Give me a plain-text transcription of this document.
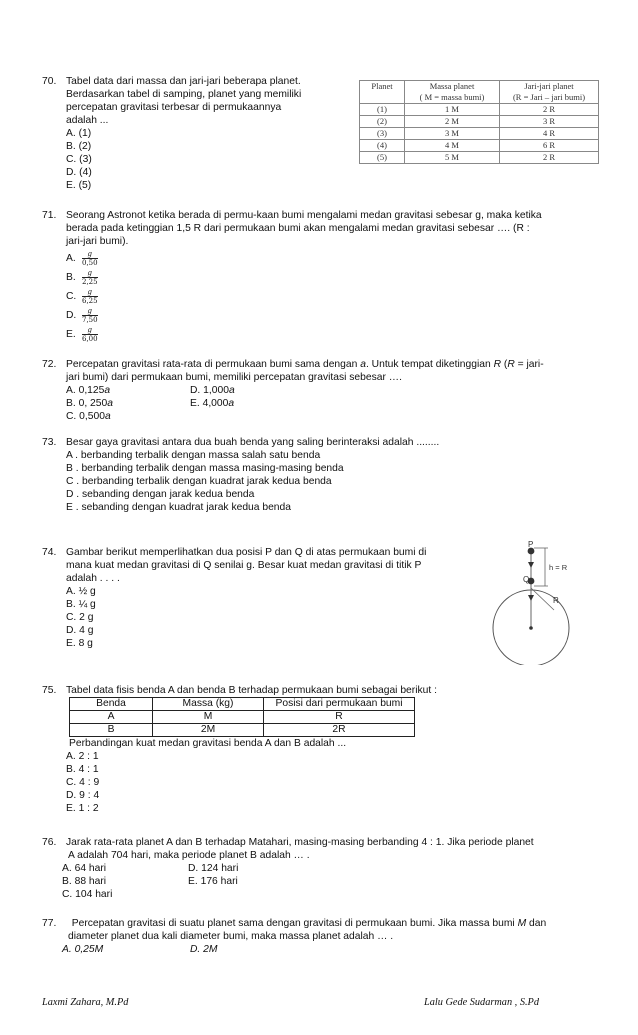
70. Tabel data dari massa dan jari-jari beberapa planet.
Berdasarkan tabel di samping, planet yang memiliki
percepatan gravitasi terbesar di permukaannya
adalah ...
A. (1)
B. (2)
C. (3)
D. (4)
E. (5)
Planet	Massa planet	Jari-jari planet
	( M = massa bumi)	(R = Jari – jari bumi)
(1)	1 M	2 R
(2)	2 M	3 R
(3)	3 M	4 R
(4)	4 M	6 R
(5)	5 M	2 R
71. Seorang Astronot ketika berada di permu-kaan bumi mengalami medan gravitasi sebesar g, maka ketika
berada pada ketinggian 1,5 R dari permukaan bumi akan mengalami medan gravitasi sebesar …. (R :
jari-jari bumi).
A. $\frac{g}{0,50}$
B. $\frac{g}{2,25}$
C. $\frac{g}{6,25}$
D. $\frac{g}{7,50}$
E. $\frac{g}{6,00}$
72. Percepatan gravitasi rata-rata di permukaan bumi sama dengan a. Untuk tempat diketinggian R (R = jari-
jari bumi) dari permukaan bumi, memiliki percepatan gravitasi sebesar ….
A. 0,125a	D. 1,000a
B. 0, 250a	E. 4,000a
C. 0,500a
73. Besar gaya gravitasi antara dua buah benda yang saling berinteraksi adalah ........
A . berbanding terbalik dengan massa salah satu benda
B . berbanding terbalik dengan massa masing-masing benda
C . berbanding terbalik dengan kuadrat jarak kedua benda
D . sebanding dengan jarak kedua benda
E . sebanding dengan kuadrat jarak kedua benda
74. Gambar berikut memperlihatkan dua posisi P dan Q di atas permukaan bumi di
mana kuat medan gravitasi di Q senilai g. Besar kuat medan gravitasi di titik P
adalah . . . .
A. ½ g
B. ¼ g
C. 2 g
D. 4 g
E. 8 g
P
Q
h = R
R
75. Tabel data fisis benda A dan benda B terhadap permukaan bumi sebagai berikut :
Benda	Massa (kg)	Posisi dari permukaan bumi
A	M	R
B	2M	2R
Perbandingan kuat medan gravitasi benda A dan B adalah ...
A. 2 : 1
B. 4 : 1
C. 4 : 9
D. 9 : 4
E. 1 : 2
76. Jarak rata-rata planet A dan B terhadap Matahari, masing-masing berbanding 4 : 1. Jika periode planet
A adalah 704 hari, maka periode planet B adalah … .
A. 64 hari	D. 124 hari
B. 88 hari	E. 176 hari
C. 104 hari
77. Percepatan gravitasi di suatu planet sama dengan gravitasi di permukaan bumi. Jika massa bumi M dan
diameter planet dua kali diameter bumi, maka massa planet adalah … .
A. 0,25M	D. 2M
Laxmi Zahara, M.Pd	Lalu Gede Sudarman , S.Pd
